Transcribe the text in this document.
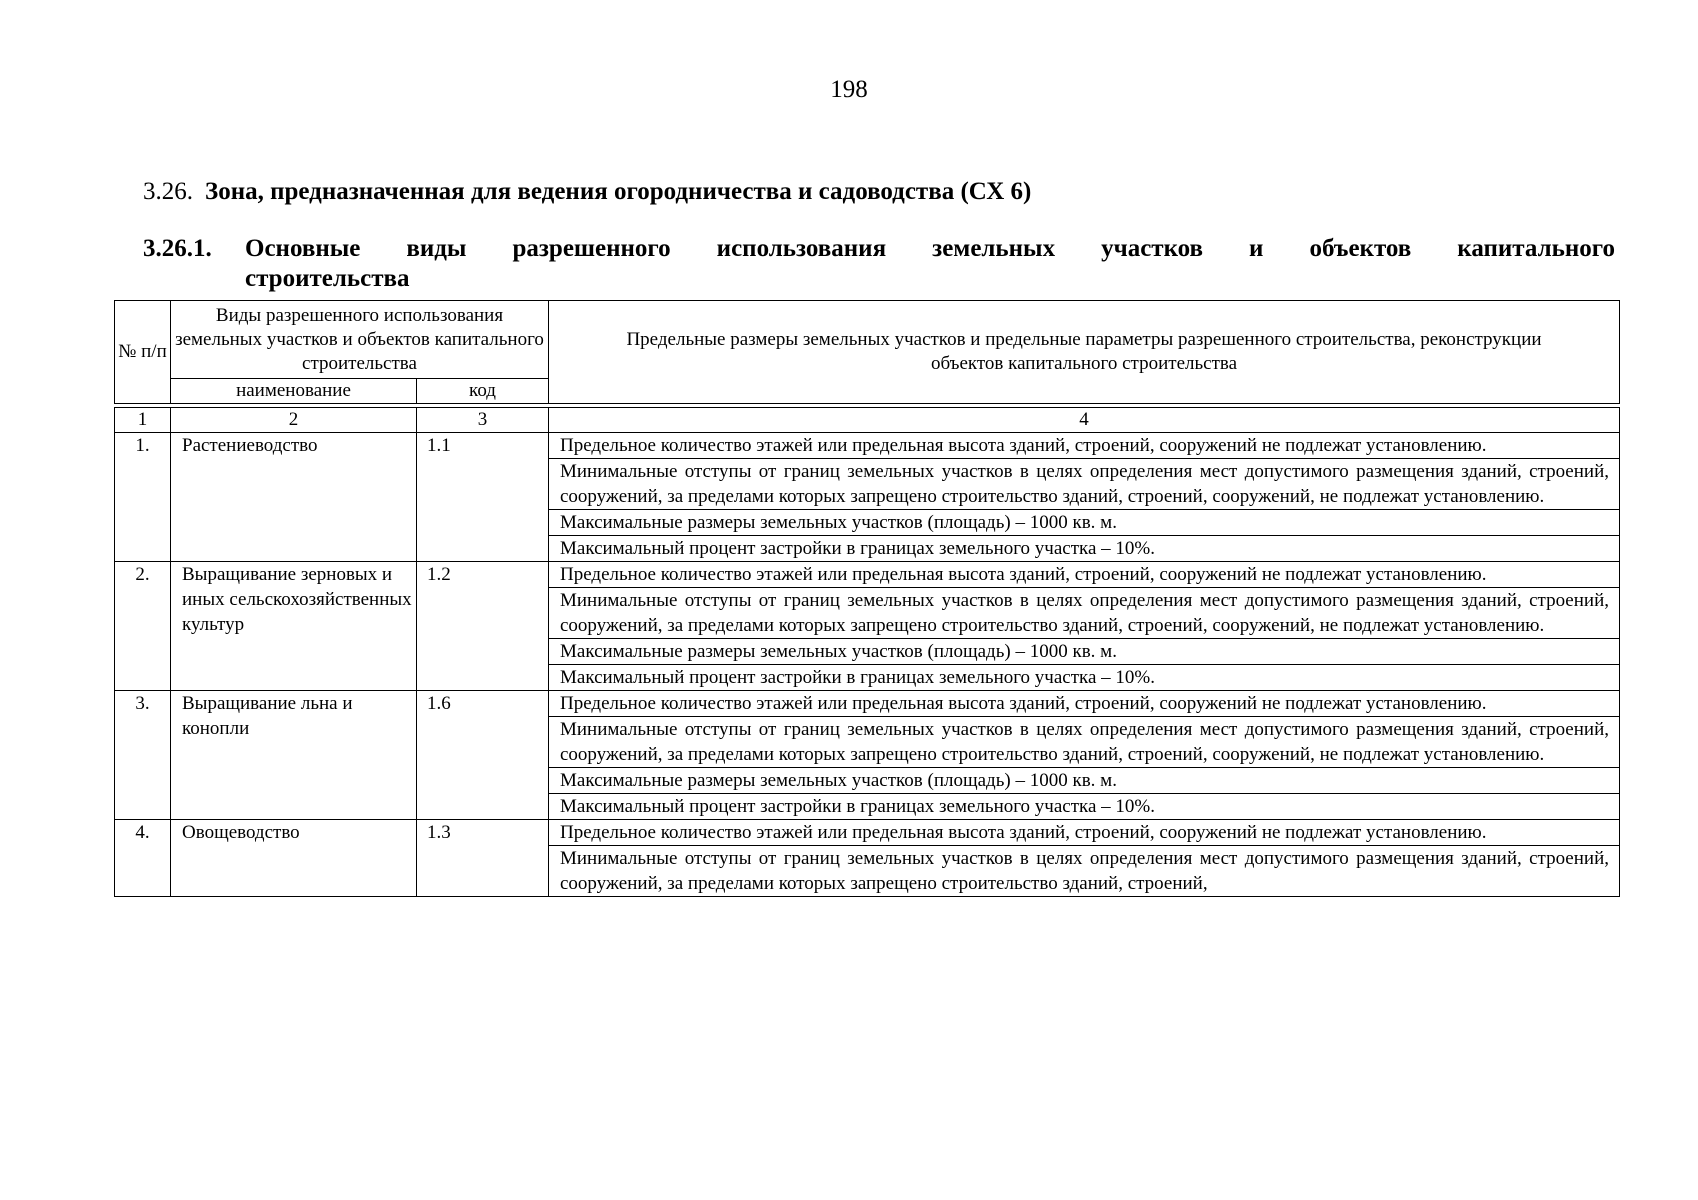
198
3.26. Зона, предназначенная для ведения огородничества и садоводства (СХ 6)
3.26.1. Основные виды разрешенного использования земельных участков и объектов капитального
строительства
№ п/п	Виды разрешенного использования земельных участков и объектов капитального строительства		Предельные размеры земельных участков и предельные параметры разрешенного строительства, реконструкции объектов капитального строительства
	наименование	код	
1	2	3	4
1.	Растениеводство	1.1	Предельное количество этажей или предельная высота зданий, строений, сооружений не подлежат установлению.
			Минимальные отступы от границ земельных участков в целях определения мест допустимого размещения зданий, строений, сооружений, за пределами которых запрещено строительство зданий, строений, сооружений, не подлежат установлению.
			Максимальные размеры земельных участков (площадь) – 1000 кв. м.
			Максимальный процент застройки в границах земельного участка – 10%.
2.	Выращивание зерновых и иных сельскохозяйственных культур	1.2	Предельное количество этажей или предельная высота зданий, строений, сооружений не подлежат установлению.
			Минимальные отступы от границ земельных участков в целях определения мест допустимого размещения зданий, строений, сооружений, за пределами которых запрещено строительство зданий, строений, сооружений, не подлежат установлению.
			Максимальные размеры земельных участков (площадь) – 1000 кв. м.
			Максимальный процент застройки в границах земельного участка – 10%.
3.	Выращивание льна и конопли	1.6	Предельное количество этажей или предельная высота зданий, строений, сооружений не подлежат установлению.
			Минимальные отступы от границ земельных участков в целях определения мест допустимого размещения зданий, строений, сооружений, за пределами которых запрещено строительство зданий, строений, сооружений, не подлежат установлению.
			Максимальные размеры земельных участков (площадь) – 1000 кв. м.
			Максимальный процент застройки в границах земельного участка – 10%.
4.	Овощеводство	1.3	Предельное количество этажей или предельная высота зданий, строений, сооружений не подлежат установлению.
			Минимальные отступы от границ земельных участков в целях определения мест допустимого размещения зданий, строений, сооружений, за пределами которых запрещено строительство зданий, строений,
